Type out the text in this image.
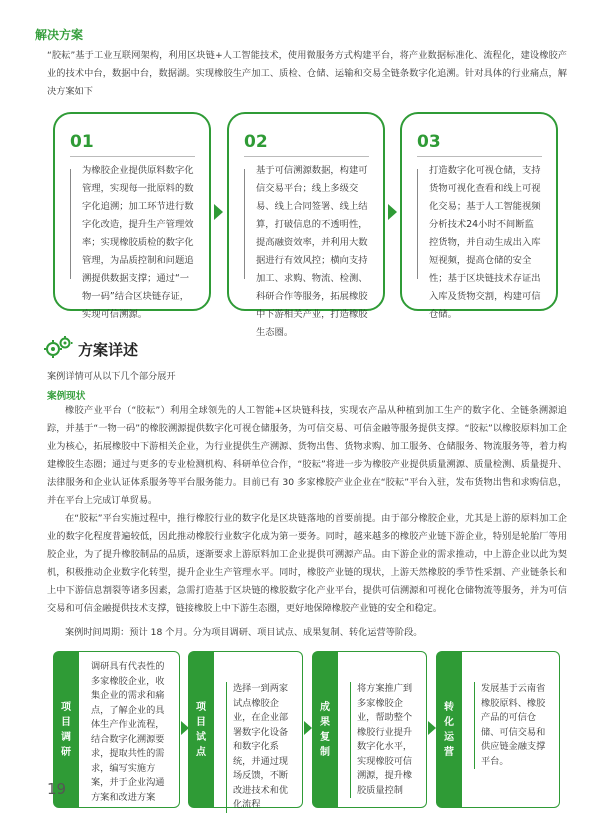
解决方案
“胶耘”基于工业互联网架构，利用区块链+人工智能技术，使用微服务方式构建平台，将产业数据标准化、流程化，建设橡胶产业的技术中台，数据中台，数据湖。实现橡胶生产加工、质检、仓储、运输和交易全链条数字化追溯。针对具体的行业痛点，解决方案如下
01
为橡胶企业提供原料数字化管理，实现每一批原料的数字化追溯；加工环节进行数字化改造，提升生产管理效率；实现橡胶质检的数字化管理，为品质控制和问题追溯提供数据支撑；通过“一物一码”结合区块链存证，实现可信溯源。
02
基于可信溯源数据，构建可信交易平台；线上多级交易、线上合同签署、线上结算，打破信息的不透明性，提高融资效率，并利用大数据进行有效风控；横向支持加工、求购、物流、检测、科研合作等服务，拓展橡胶中下游相关产业，打造橡胶生态圈。
03
打造数字化可视仓储，支持货物可视化查看和线上可视化交易；基于人工智能视频分析技术24小时不间断监控货物，并自动生成出入库短视频，提高仓储的安全性；基于区块链技术存证出入库及货物交割，构建可信仓储。
方案详述
案例详情可从以下几个部分展开
案例现状
橡胶产业平台（“胶耘”）利用全球领先的人工智能+区块链科技，实现农产品从种植到加工生产的数字化、全链条溯源追踪，并基于“一物一码”的橡胶溯源提供数字化可视仓储服务，为可信交易、可信金融等服务提供支撑。“胶耘”以橡胶原料加工企业为核心，拓展橡胶中下游相关企业，为行业提供生产溯源、货物出售、货物求购、加工服务、仓储服务、物流服务等，着力构建橡胶生态圈；通过与更多的专业检测机构、科研单位合作，“胶耘”将进一步为橡胶产业提供质量溯源、质量检测、质量提升、法律服务和企业认证体系服务等平台服务能力。目前已有 30 多家橡胶产业企业在“胶耘”平台入驻，发布货物出售和求购信息，并在平台上完成订单贸易。
在“胶耘”平台实施过程中，推行橡胶行业的数字化是区块链落地的首要前提。由于部分橡胶企业，尤其是上游的原料加工企业的数字化程度普遍较低，因此推动橡胶行业数字化成为第一要务。同时，越来越多的橡胶产业链下游企业，特别是轮胎厂等用胶企业，为了提升橡胶制品的品质，逐渐要求上游原料加工企业提供可溯源产品。由下游企业的需求推动，中上游企业以此为契机，积极推动企业数字化转型，提升企业生产管理水平。同时，橡胶产业链的现状，上游天然橡胶的季节性采割、产业链条长和上中下游信息割裂等诸多因素，急需打造基于区块链的橡胶数字化产业平台，提供可信溯源和可视化仓储物流等服务，并为可信交易和可信金融提供技术支撑，链接橡胶上中下游生态圈，更好地保障橡胶产业链的安全和稳定。
案例时间周期：预计 18 个月。分为项目调研、项目试点、成果复制、转化运营等阶段。
项目调研
调研具有代表性的多家橡胶企业，收集企业的需求和痛点，了解企业的具体生产作业流程，结合数字化溯源要求，提取共性的需求，编写实施方案，并于企业沟通方案和改进方案
项目试点
选择一到两家试点橡胶企业，在企业部署数字化设备和数字化系统，并通过现场反馈，不断改进技术和优化流程
成果复制
将方案推广到多家橡胶企业，帮助整个橡胶行业提升数字化水平，实现橡胶可信溯源，提升橡胶质量控制
转化运营
发展基于云南省橡胶原料、橡胶产品的可信仓储、可信交易和供应链金融支撑平台。
19
